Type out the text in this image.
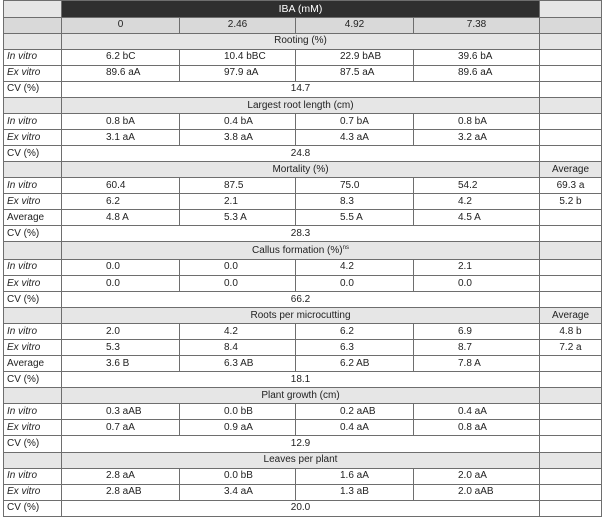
	IBA (mM)				
	0	2.46	4.92	7.38	
	Rooting (%)				
In vitro	6.2 bC	10.4 bBC	22.9 bAB	39.6 bA	
Ex vitro	89.6 aA	97.9 aA	87.5 aA	89.6 aA	
CV (%)	14.7				
	Largest root length (cm)				
In vitro	0.8 bA	0.4 bA	0.7 bA	0.8 bA	
Ex vitro	3.1 aA	3.8 aA	4.3 aA	3.2 aA	
CV (%)	24.8				
	Mortality (%)				Average
In vitro	60.4	87.5	75.0	54.2	69.3 a
Ex vitro	6.2	2.1	8.3	4.2	5.2 b
Average	4.8 A	5.3 A	5.5 A	4.5 A	
CV (%)	28.3				
	Callus formation (%)$^{ns}$	
In vitro	0.0	0.0	4.2	2.1	
Ex vitro	0.0	0.0	0.0	0.0	
CV (%)	66.2				
	Roots per microcutting				Average
In vitro	2.0	4.2	6.2	6.9	4.8 b
Ex vitro	5.3	8.4	6.3	8.7	7.2 a
Average	3.6 B	6.3 AB	6.2 AB	7.8 A	
CV (%)	18.1				
	Plant growth (cm)				
In vitro	0.3 aAB	0.0 bB	0.2 aAB	0.4 aA	
Ex vitro	0.7 aA	0.9 aA	0.4 aA	0.8 aA	
CV (%)	12.9				
	Leaves per plant				
In vitro	2.8 aA	0.0 bB	1.6 aA	2.0 aA	
Ex vitro	2.8 aAB	3.4 aA	1.3 aB	2.0 aAB	
CV (%)	20.0				
